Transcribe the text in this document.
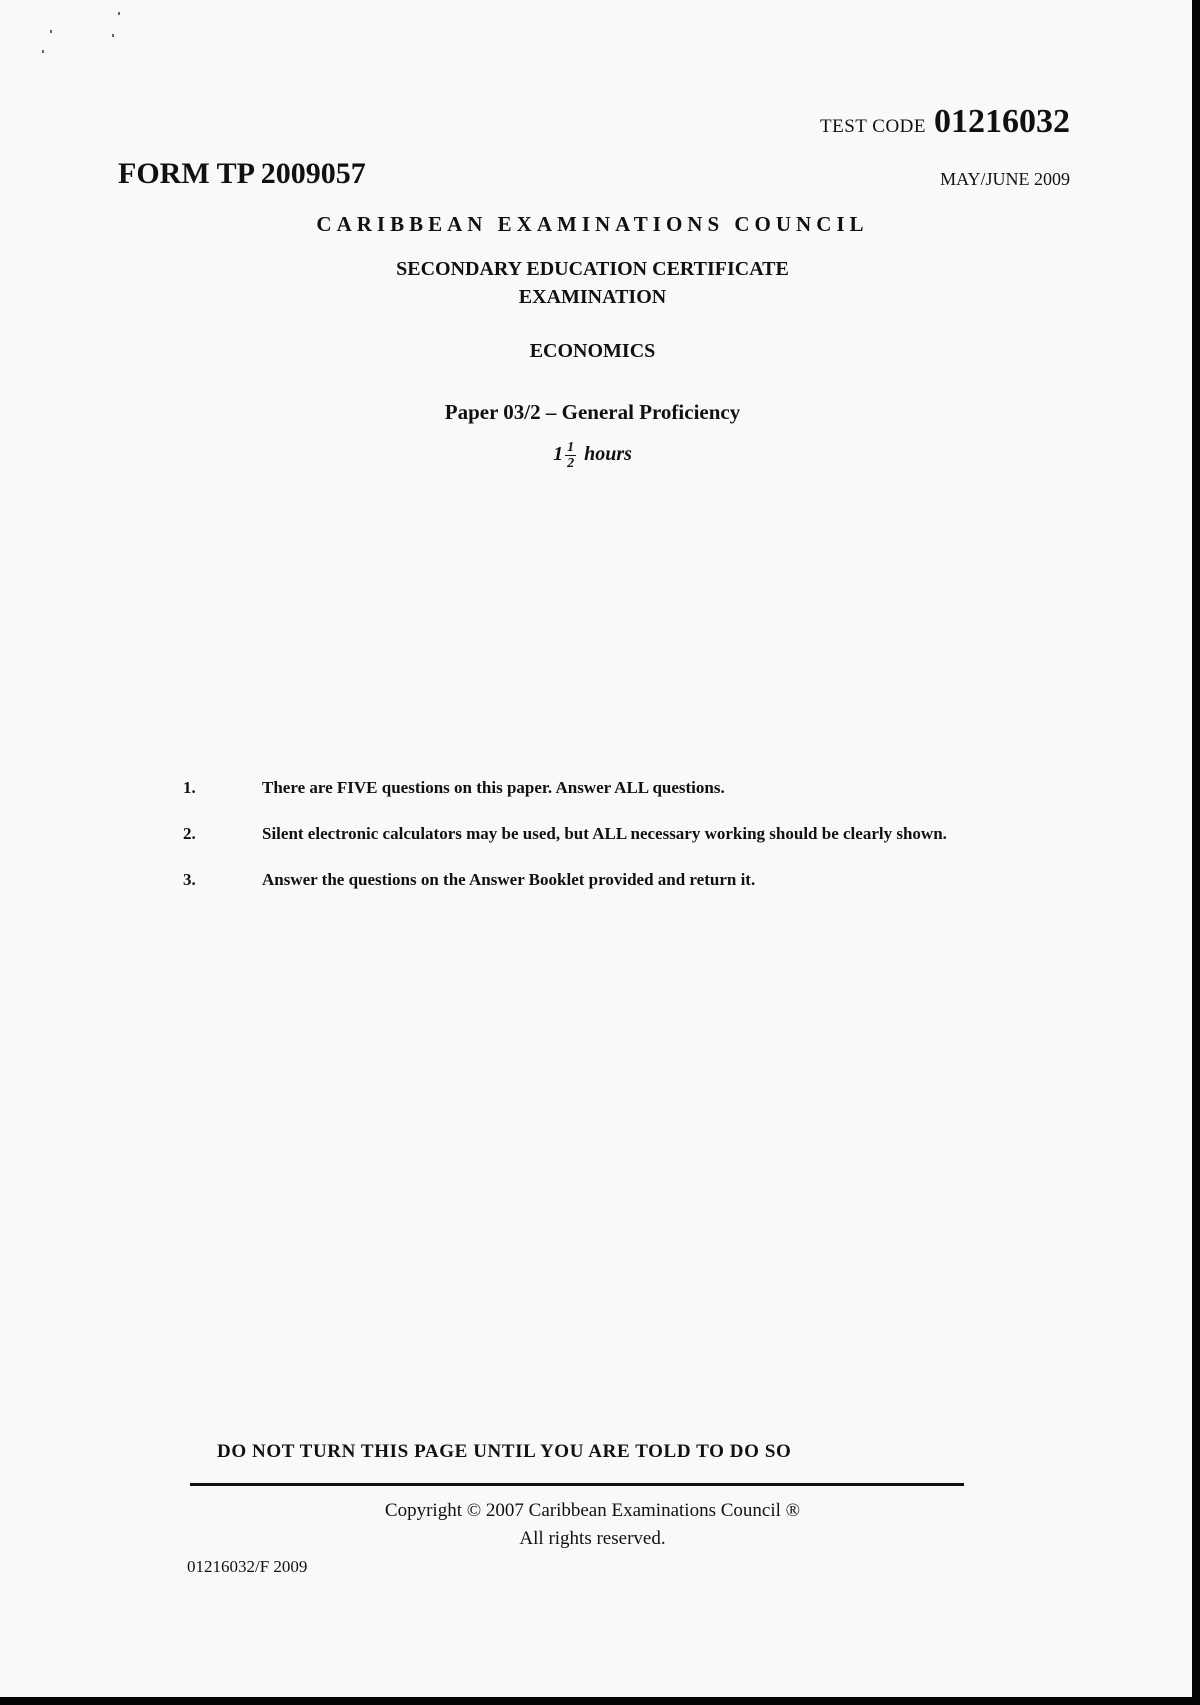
TEST CODE 01216032
FORM TP 2009057	MAY/JUNE 2009
CARIBBEAN EXAMINATIONS COUNCIL
SECONDARY EDUCATION CERTIFICATE
EXAMINATION
ECONOMICS
Paper 03/2 – General Proficiency
$1 \frac{1}{2}$ hours
1.	There are FIVE questions on this paper. Answer ALL questions.
2.	Silent electronic calculators may be used, but ALL necessary working should be clearly shown.
3.	Answer the questions on the Answer Booklet provided and return it.
DO NOT TURN THIS PAGE UNTIL YOU ARE TOLD TO DO SO
Copyright © 2007 Caribbean Examinations Council ®
All rights reserved.
01216032/F 2009
